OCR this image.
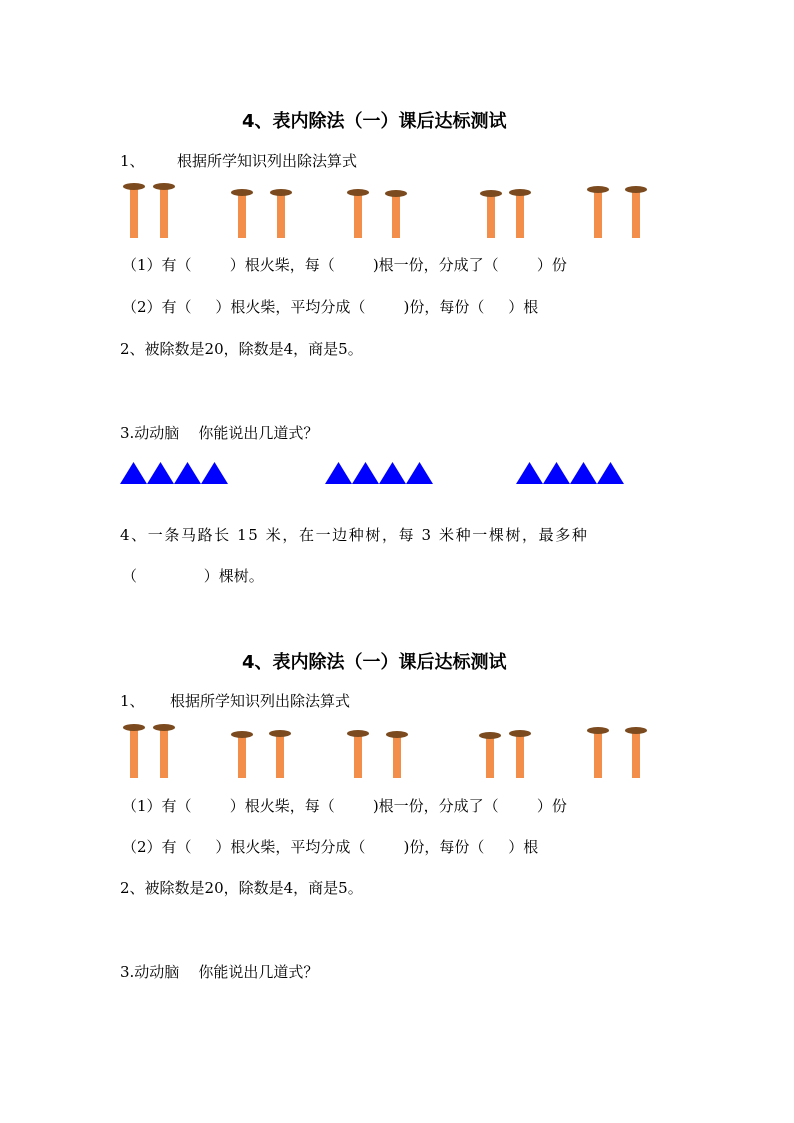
4、表内除法（一）课后达标测试
1、 根据所学知识列出除法算式
（1）有（        ）根火柴，每（        )根一份，分成了（        ）份
（2）有（     ）根火柴，平均分成（        )份，每份（     ）根
2、被除数是20，除数是4，商是5。
3.动动脑    你能说出几道式？
4、一条马路长 15 米，在一边种树，每 3 米种一棵树，最多种
（              ）棵树。
4、表内除法（一）课后达标测试
1、 根据所学知识列出除法算式
（1）有（        ）根火柴，每（        )根一份，分成了（        ）份
（2）有（     ）根火柴，平均分成（        )份，每份（     ）根
2、被除数是20，除数是4，商是5。
3.动动脑    你能说出几道式？
